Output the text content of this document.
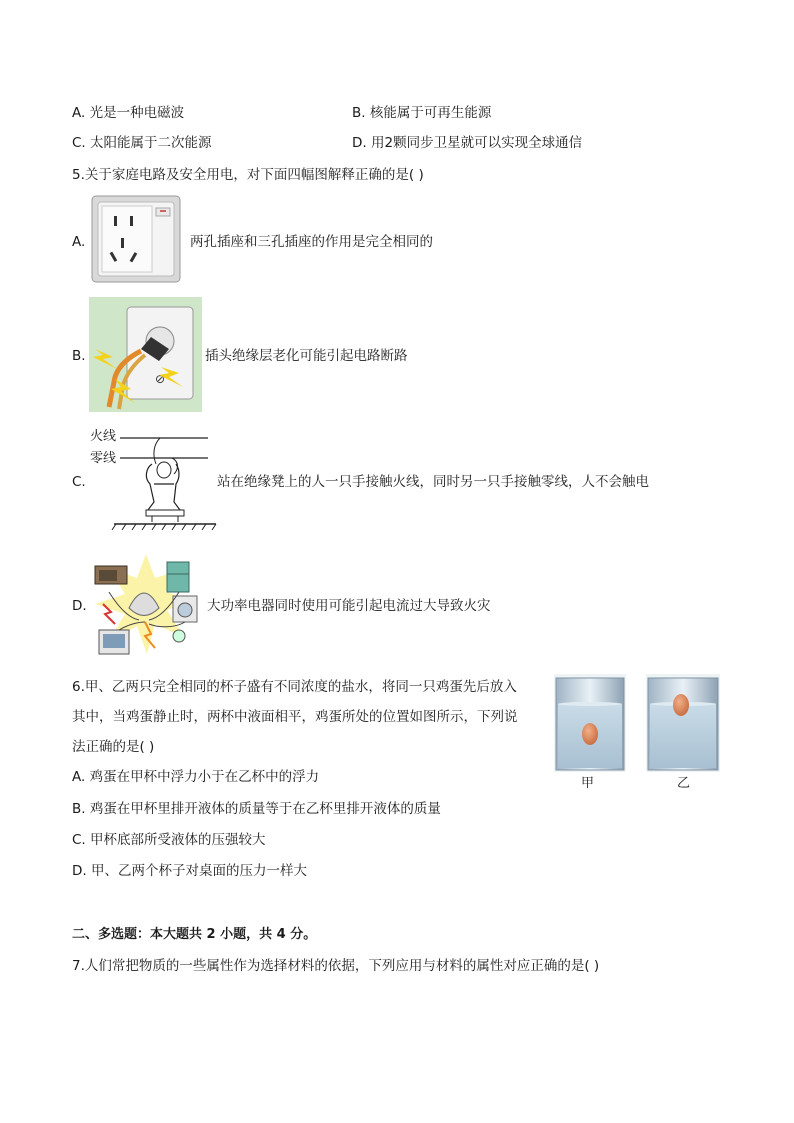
A. 光是一种电磁波	B. 核能属于可再生能源
C. 太阳能属于二次能源	D. 用2颗同步卫星就可以实现全球通信
5.关于家庭电路及安全用电，对下面四幅图解释正确的是( )
A.	两孔插座和三孔插座的作用是完全相同的
B.
⊘
插头绝缘层老化可能引起电路断路
C.
火线
零线
站在绝缘凳上的人一只手接触火线，同时另一只手接触零线，人不会触电
D.	大功率电器同时使用可能引起电流过大导致火灾
6.甲、乙两只完全相同的杯子盛有不同浓度的盐水，将同一只鸡蛋先后放入
其中，当鸡蛋静止时，两杯中液面相平，鸡蛋所处的位置如图所示，下列说
法正确的是( )
A. 鸡蛋在甲杯中浮力小于在乙杯中的浮力
B. 鸡蛋在甲杯里排开液体的质量等于在乙杯里排开液体的质量
C. 甲杯底部所受液体的压强较大
D. 甲、乙两个杯子对桌面的压力一样大
甲	乙
二、多选题：本大题共 2 小题，共 4 分。
7.人们常把物质的一些属性作为选择材料的依据，下列应用与材料的属性对应正确的是( )
